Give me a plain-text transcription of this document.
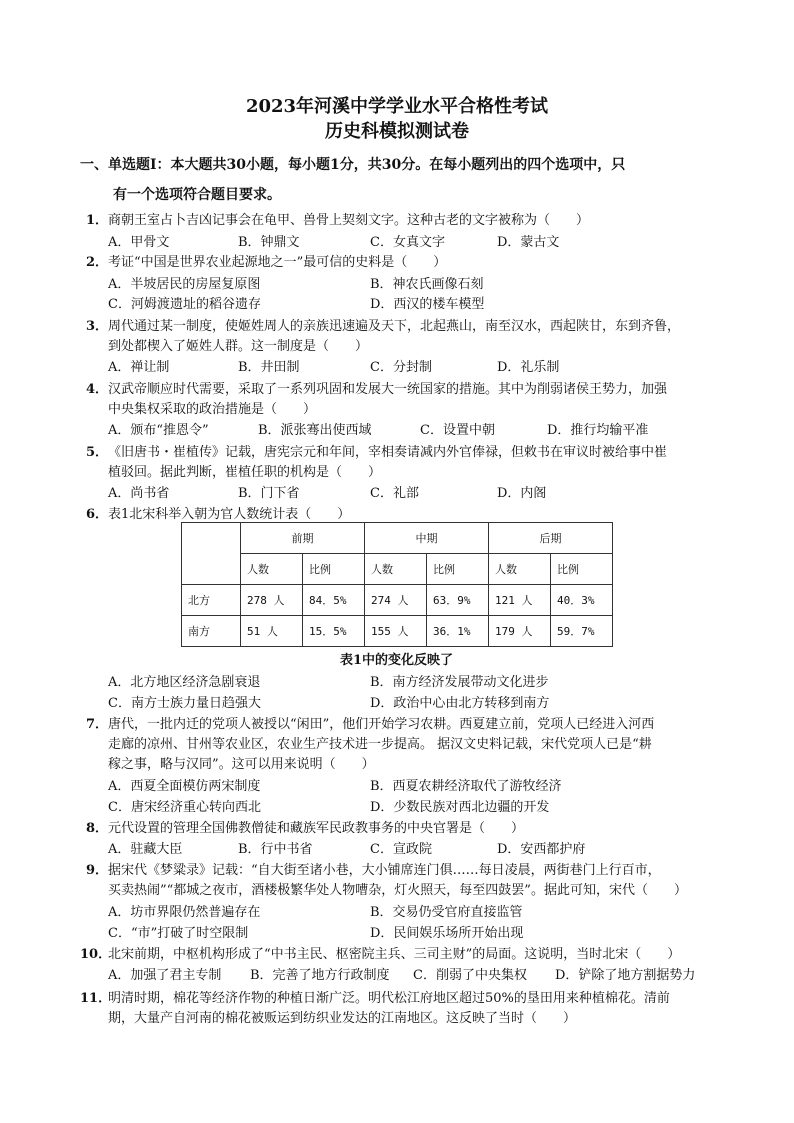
2023年河溪中学学业水平合格性考试
历史科模拟测试卷
一、单选题Ⅰ：本大题共30小题，每小题1分，共30分。在每小题列出的四个选项中，只
有一个选项符合题目要求。
1． 商朝王室占卜吉凶记事会在龟甲、兽骨上契刻文字。这种古老的文字被称为（　　）
A．甲骨文	B．钟鼎文	C．女真文字	D．蒙古文
2． 考证“中国是世界农业起源地之一”最可信的史料是（　　）
A．半坡居民的房屋复原图	B．神农氏画像石刻
C．河姆渡遗址的稻谷遗存	D．西汉的楼车模型
3． 周代通过某一制度，使姬姓周人的亲族迅速遍及天下，北起燕山，南至汉水，西起陕甘，东到齐鲁，
到处都楔入了姬姓人群。这一制度是（　　）
A．禅让制	B．井田制	C．分封制	D．礼乐制
4． 汉武帝顺应时代需要，采取了一系列巩固和发展大一统国家的措施。其中为削弱诸侯王势力，加强
中央集权采取的政治措施是（　　）
A．颁布“推恩令”	B．派张骞出使西域	C．设置中朝	D．推行均输平准
5． 《旧唐书・崔植传》记载，唐宪宗元和年间，宰相奏请减内外官俸禄，但敕书在审议时被给事中崔
植驳回。据此判断，崔植任职的机构是（　　）
A．尚书省	B．门下省	C．礼部	D．内阁
6． 表1北宋科举入朝为官人数统计表（　　）
	前期		中期		后期	
	人数	比例	人数	比例	人数	比例
北方	278 人	84．5%	274 人	63．9%	121 人	40．3%
南方	51 人	15．5%	155 人	36．1%	179 人	59．7%
表1中的变化反映了
A．北方地区经济急剧衰退	B．南方经济发展带动文化进步
C．南方士族力量日趋强大	D．政治中心由北方转移到南方
7． 唐代，一批内迁的党项人被授以“闲田”，他们开始学习农耕。西夏建立前，党项人已经进入河西
走廊的凉州、甘州等农业区，农业生产技术进一步提高。 据汉文史料记载，宋代党项人已是“耕
稼之事，略与汉同”。这可以用来说明（　　）
A．西夏全面模仿两宋制度	B．西夏农耕经济取代了游牧经济
C．唐宋经济重心转向西北	D．少数民族对西北边疆的开发
8． 元代设置的管理全国佛教僧徒和藏族军民政教事务的中央官署是（　　）
A．驻藏大臣	B．行中书省	C．宣政院	D．安西都护府
9． 据宋代《梦粱录》记载：“自大街至诸小巷，大小铺席连门俱……每日凌晨，两街巷门上行百市，
买卖热闹”“都城之夜市，酒楼极繁华处人物嘈杂，灯火照天，每至四鼓罢”。据此可知，宋代（　　）
A．坊市界限仍然普遍存在	B．交易仍受官府直接监管
C．“市”打破了时空限制	D．民间娱乐场所开始出现
10．
北宋前期，中枢机构形成了“中书主民、枢密院主兵、三司主财”的局面。这说明，当时北宋（　　）
A．加强了君主专制 B．完善了地方行政制度 C．削弱了中央集权 D．铲除了地方割据势力
11．
明清时期，棉花等经济作物的种植日渐广泛。明代松江府地区超过50%的垦田用来种植棉花。清前
期，大量产自河南的棉花被贩运到纺织业发达的江南地区。这反映了当时（　　）
